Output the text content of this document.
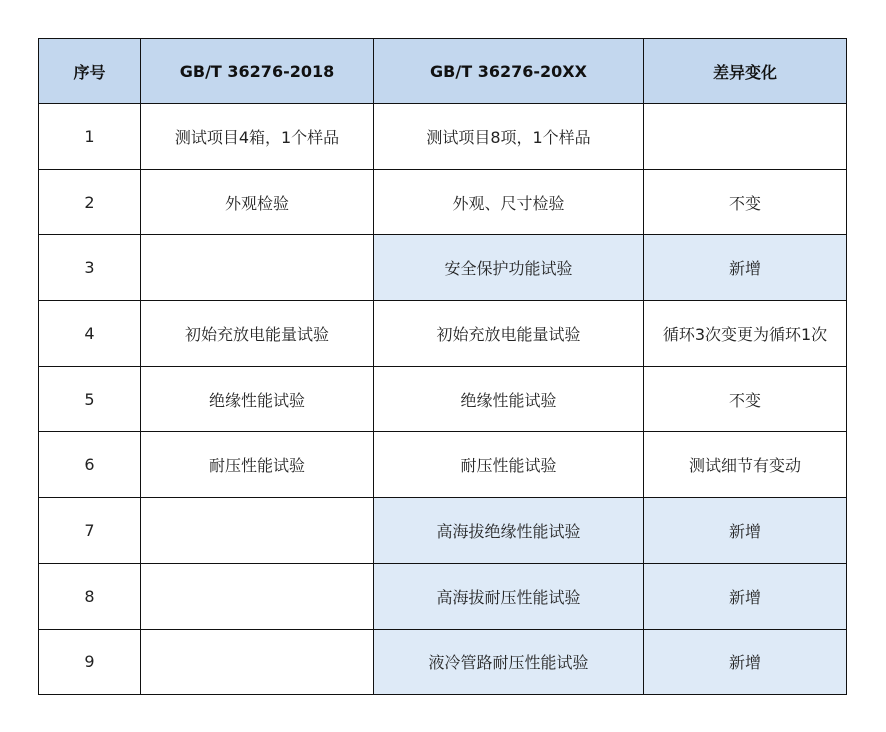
序号	GB/T 36276-2018	GB/T 36276-20XX	差异变化
1	测试项目4箱，1个样品	测试项目8项，1个样品	
2	外观检验	外观、尺寸检验	不变
3		安全保护功能试验	新增
4	初始充放电能量试验	初始充放电能量试验	循环3次变更为循环1次
5	绝缘性能试验	绝缘性能试验	不变
6	耐压性能试验	耐压性能试验	测试细节有变动
7		高海拔绝缘性能试验	新增
8		高海拔耐压性能试验	新增
9		液冷管路耐压性能试验	新增
